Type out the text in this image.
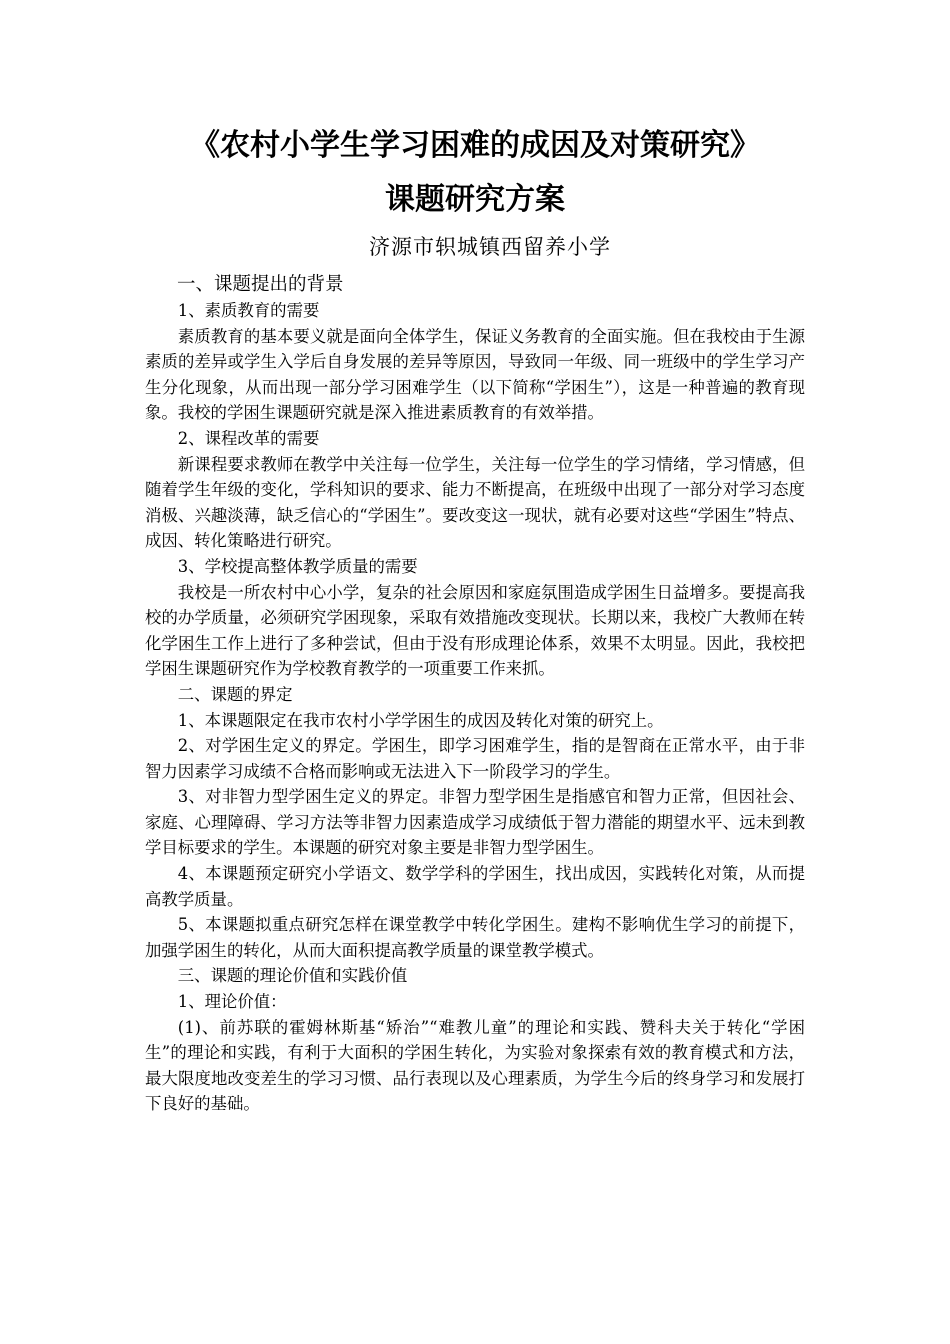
《农村小学生学习困难的成因及对策研究》
课题研究方案
济源市轵城镇西留养小学

一、课题提出的背景

1、素质教育的需要

素质教育的基本要义就是面向全体学生，保证义务教育的全面实施。但在我校由于生源素质的差异或学生入学后自身发展的差异等原因，导致同一年级、同一班级中的学生学习产生分化现象，从而出现一部分学习困难学生（以下简称“学困生”），这是一种普遍的教育现象。我校的学困生课题研究就是深入推进素质教育的有效举措。

2、课程改革的需要

新课程要求教师在教学中关注每一位学生，关注每一位学生的学习情绪，学习情感，但随着学生年级的变化，学科知识的要求、能力不断提高，在班级中出现了一部分对学习态度消极、兴趣淡薄，缺乏信心的“学困生”。要改变这一现状，就有必要对这些“学困生”特点、成因、转化策略进行研究。

3、学校提高整体教学质量的需要

我校是一所农村中心小学，复杂的社会原因和家庭氛围造成学困生日益增多。要提高我校的办学质量，必须研究学困现象，采取有效措施改变现状。长期以来，我校广大教师在转化学困生工作上进行了多种尝试，但由于没有形成理论体系，效果不太明显。因此，我校把学困生课题研究作为学校教育教学的一项重要工作来抓。

二、课题的界定

1、本课题限定在我市农村小学学困生的成因及转化对策的研究上。

2、对学困生定义的界定。学困生，即学习困难学生，指的是智商在正常水平，由于非智力因素学习成绩不合格而影响或无法进入下一阶段学习的学生。

3、对非智力型学困生定义的界定。非智力型学困生是指感官和智力正常，但因社会、家庭、心理障碍、学习方法等非智力因素造成学习成绩低于智力潜能的期望水平、远未到教学目标要求的学生。本课题的研究对象主要是非智力型学困生。

4、本课题预定研究小学语文、数学学科的学困生，找出成因，实践转化对策，从而提高教学质量。

5、本课题拟重点研究怎样在课堂教学中转化学困生。建构不影响优生学习的前提下，加强学困生的转化，从而大面积提高教学质量的课堂教学模式。

三、课题的理论价值和实践价值

1、理论价值：

(1)、前苏联的霍姆林斯基“矫治”“难教儿童”的理论和实践、赞科夫关于转化“学困生”的理论和实践，有利于大面积的学困生转化，为实验对象探索有效的教育模式和方法，最大限度地改变差生的学习习惯、品行表现以及心理素质，为学生今后的终身学习和发展打下良好的基础。
